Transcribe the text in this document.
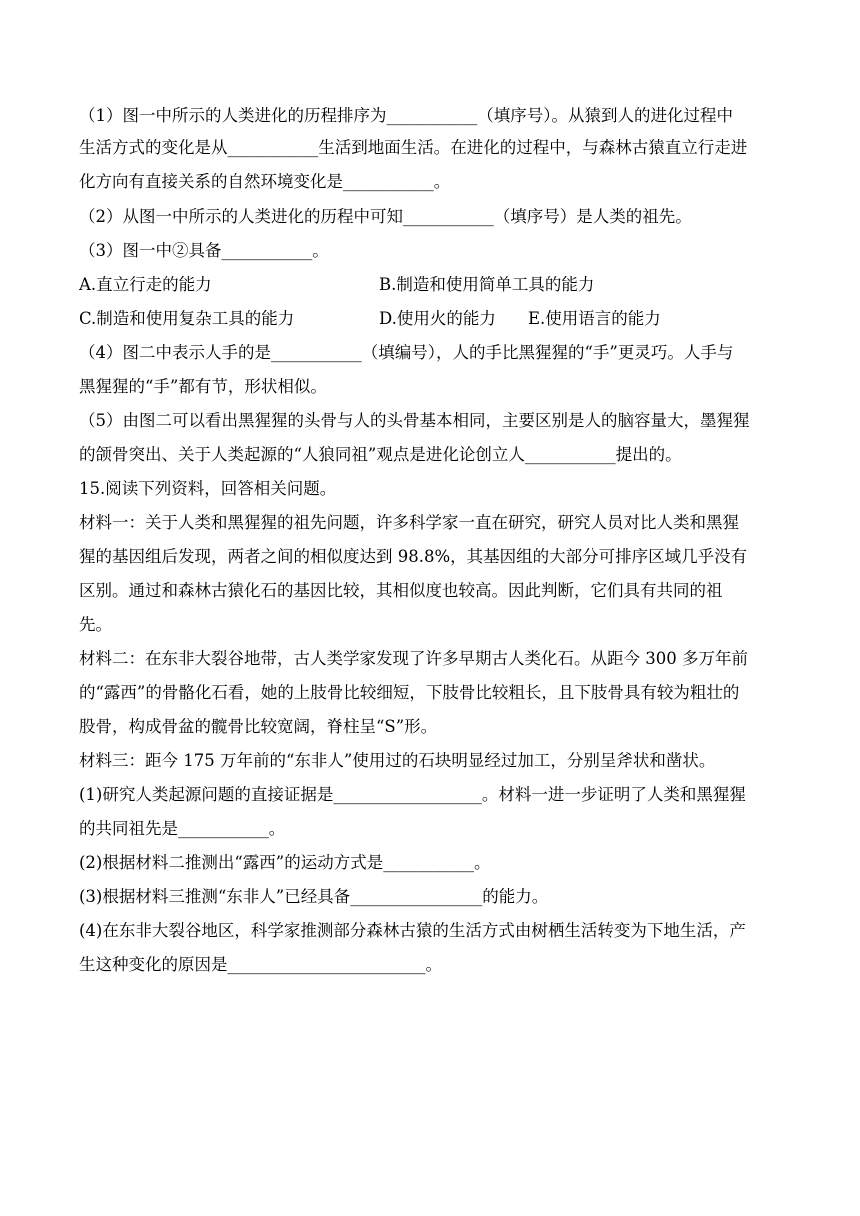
（1）图一中所示的人类进化的历程排序为___________（填序号）。从猿到人的进化过程中
生活方式的变化是从___________生活到地面生活。在进化的过程中，与森林古猿直立行走进
化方向有直接关系的自然环境变化是___________。
（2）从图一中所示的人类进化的历程中可知___________（填序号）是人类的祖先。
（3）图一中②具备___________。
A.直立行走的能力	B.制造和使用简单工具的能力
C.制造和使用复杂工具的能力	D.使用火的能力 E.使用语言的能力
（4）图二中表示人手的是___________（填编号），人的手比黑猩猩的“手”更灵巧。人手与
黑猩猩的“手”都有节，形状相似。
（5）由图二可以看出黑猩猩的头骨与人的头骨基本相同，主要区别是人的脑容量大，墨猩猩
的颌骨突出、关于人类起源的“人狼同祖”观点是进化论创立人___________提出的。
15.阅读下列资料，回答相关问题。
材料一：关于人类和黑猩猩的祖先问题，许多科学家一直在研究，研究人员对比人类和黑猩
猩的基因组后发现，两者之间的相似度达到 98.8%，其基因组的大部分可排序区域几乎没有
区别。通过和森林古猿化石的基因比较，其相似度也较高。因此判断，它们具有共同的祖
先。
材料二：在东非大裂谷地带，古人类学家发现了许多早期古人类化石。从距今 300 多万年前
的“露西”的骨骼化石看，她的上肢骨比较细短，下肢骨比较粗长，且下肢骨具有较为粗壮的
股骨，构成骨盆的髋骨比较宽阔，脊柱呈“S”形。
材料三：距今 175 万年前的“东非人”使用过的石块明显经过加工，分别呈斧状和凿状。
(1)研究人类起源问题的直接证据是__________________。材料一进一步证明了人类和黑猩猩
的共同祖先是___________。
(2)根据材料二推测出“露西”的运动方式是___________。
(3)根据材料三推测“东非人”已经具备________________的能力。
(4)在东非大裂谷地区，科学家推测部分森林古猿的生活方式由树栖生活转变为下地生活，产
生这种变化的原因是________________________。
